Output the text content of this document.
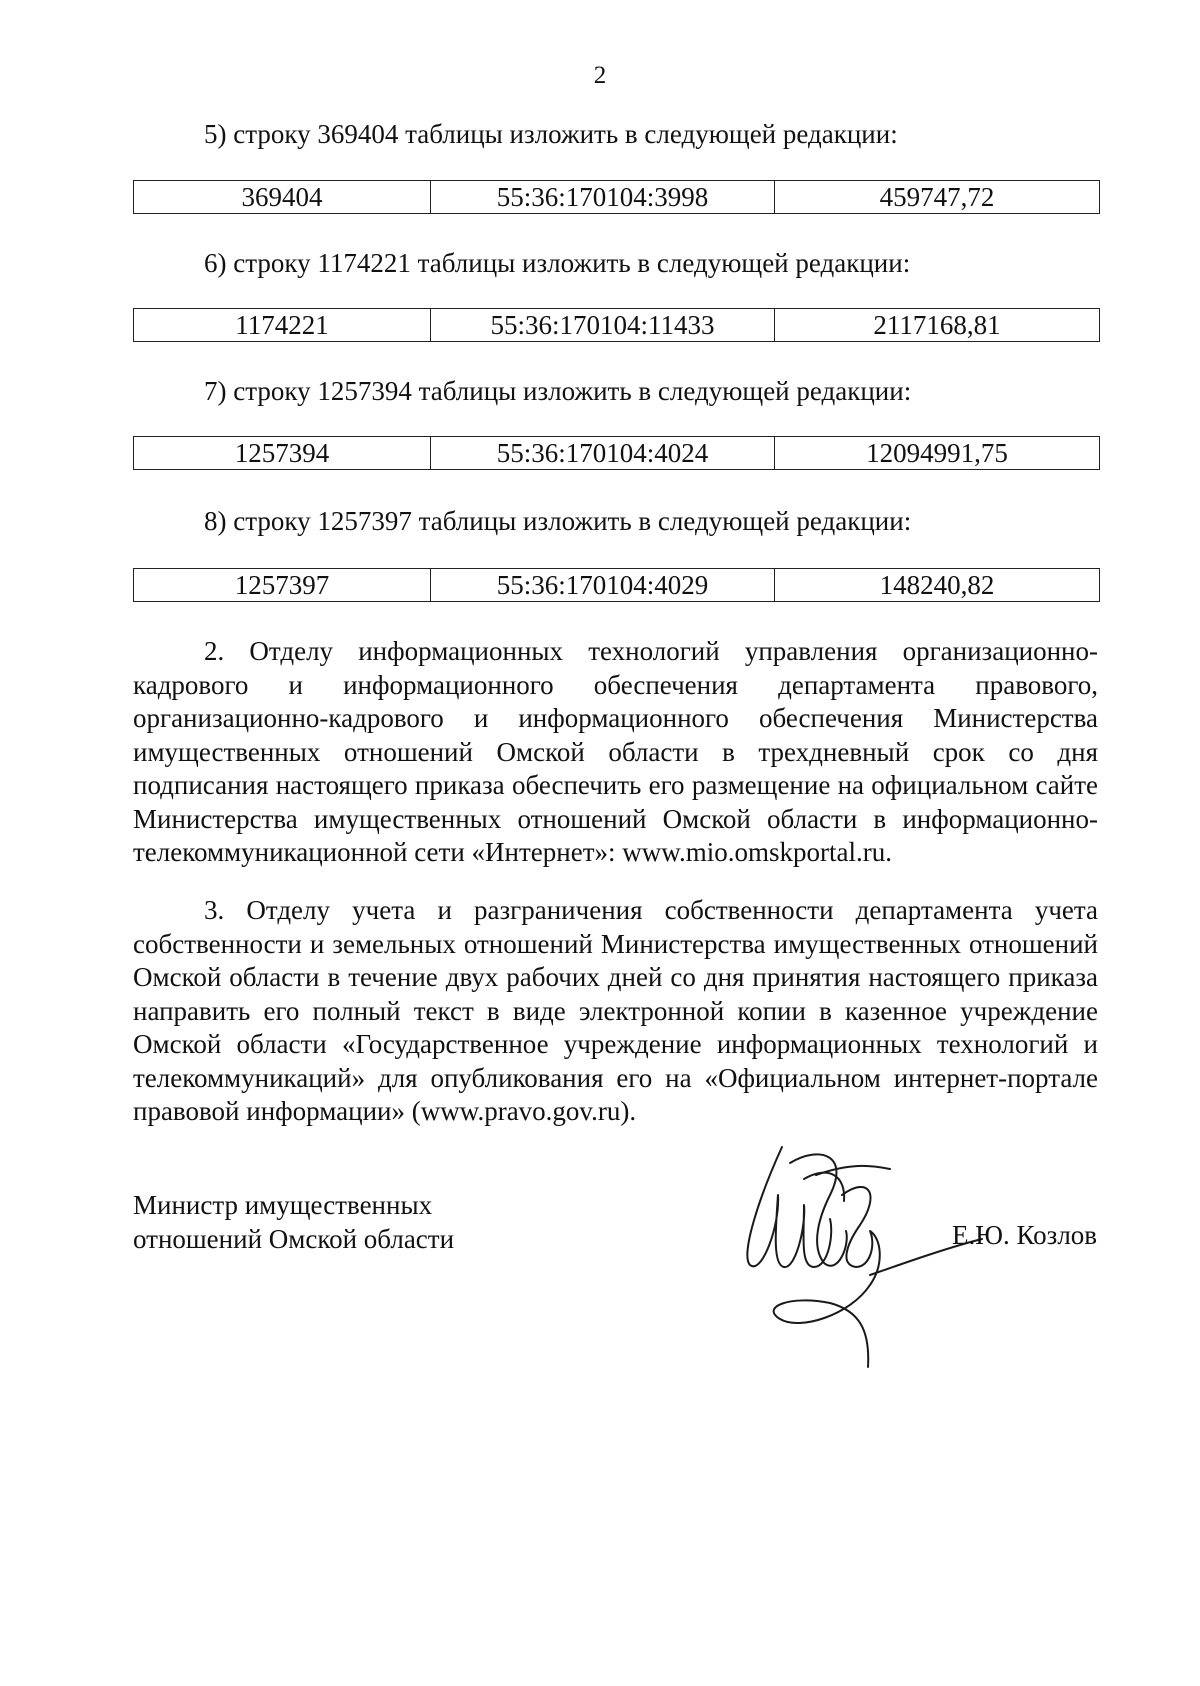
2
5) строку 369404 таблицы изложить в следующей редакции:
369404	55:36:170104:3998	459747,72
6) строку 1174221 таблицы изложить в следующей редакции:
1174221	55:36:170104:11433	2117168,81
7) строку 1257394 таблицы изложить в следующей редакции:
1257394	55:36:170104:4024	12094991,75
8) строку 1257397 таблицы изложить в следующей редакции:
1257397	55:36:170104:4029	148240,82

2. Отделу информационных технологий управления организационно-кадрового и информационного обеспечения департамента правового, организационно-кадрового и информационного обеспечения Министерства имущественных отношений Омской области в трехдневный срок со дня подписания настоящего приказа обеспечить его размещение на официальном сайте Министерства имущественных отношений Омской области в информационно-телекоммуникационной сети «Интернет»: www.mio.omskportal.ru.

3. Отделу учета и разграничения собственности департамента учета собственности и земельных отношений Министерства имущественных отношений Омской области в течение двух рабочих дней со дня принятия настоящего приказа направить его полный текст в виде электронной копии в казенное учреждение Омской области «Государственное учреждение информационных технологий и телекоммуникаций» для опубликования его на «Официальном интернет-портале правовой информации» (www.pravo.gov.ru).

Министр имущественных
отношений Омской области	Е.Ю. Козлов
